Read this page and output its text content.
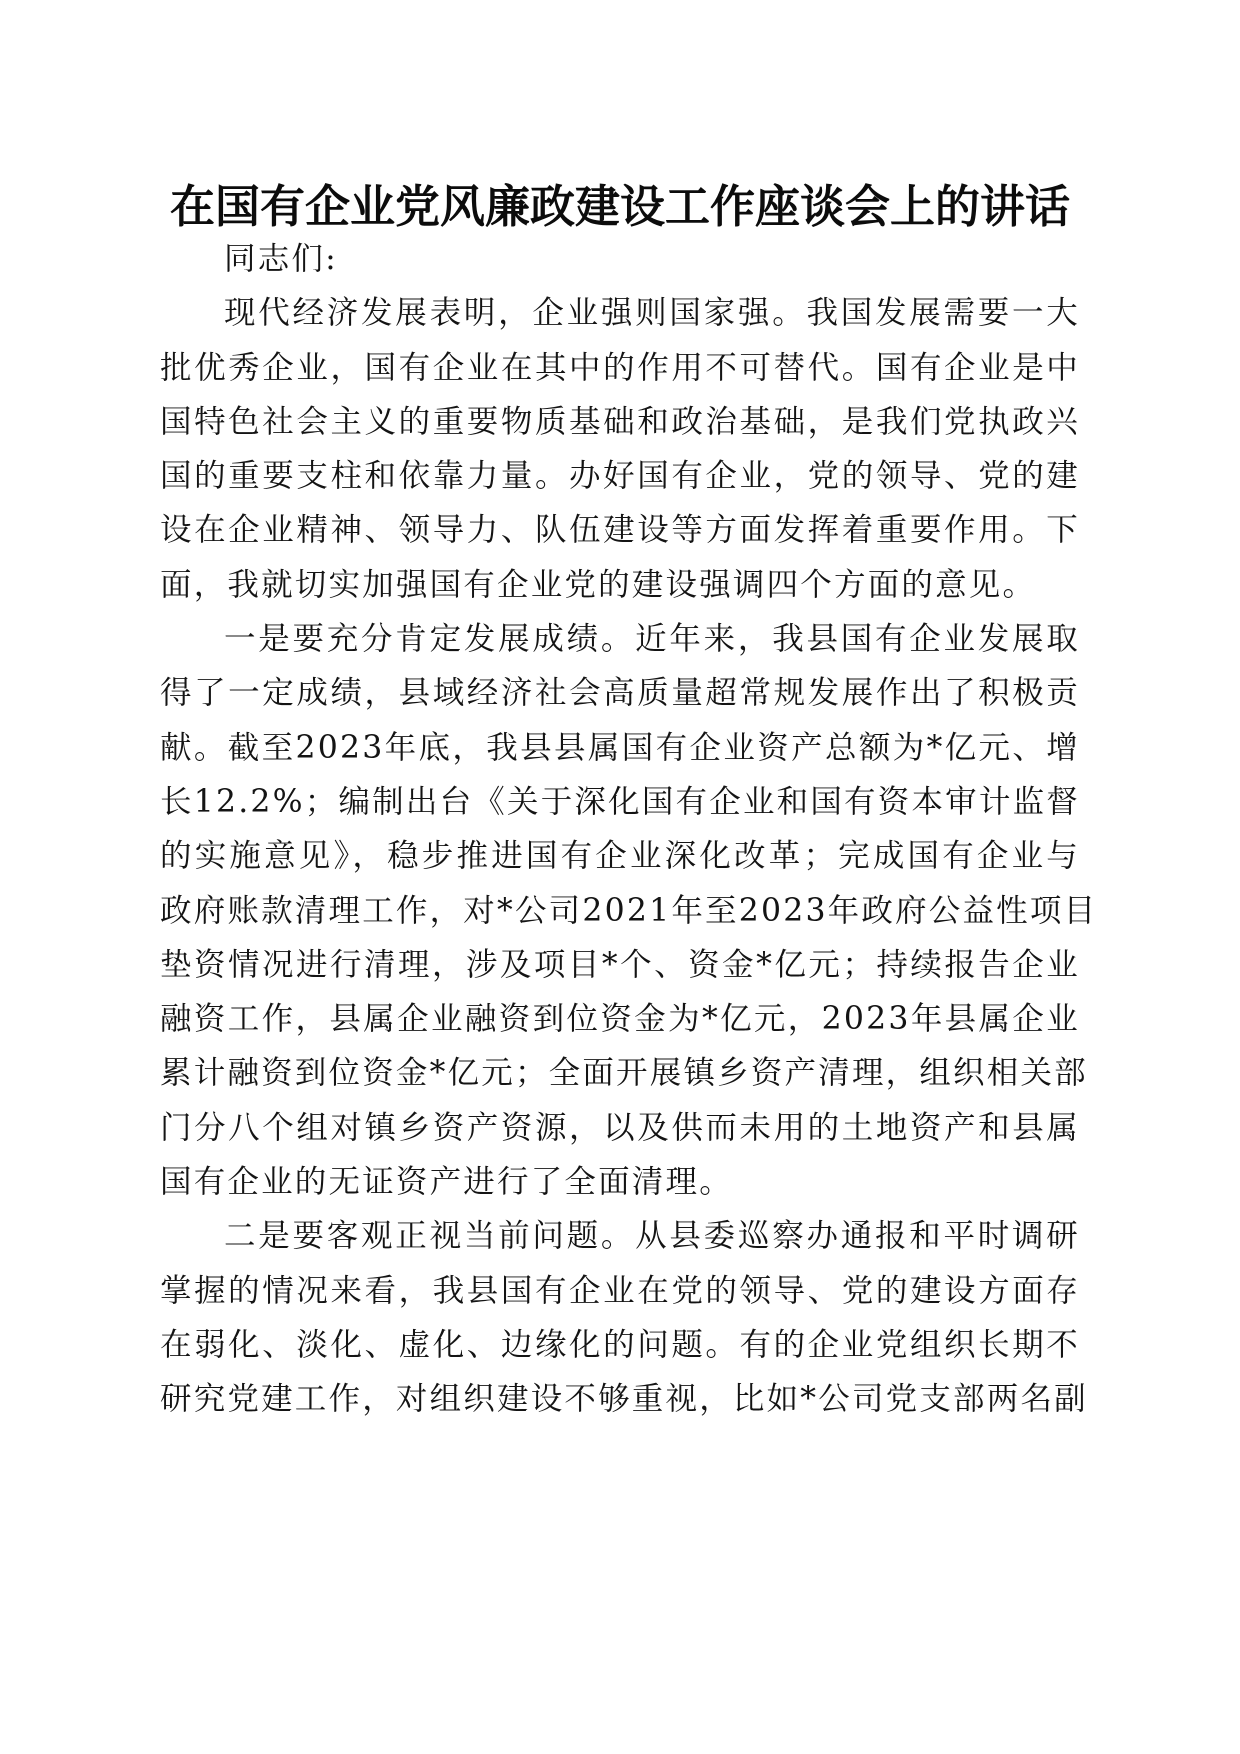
在国有企业党风廉政建设工作座谈会上的讲话
同志们:
现代经济发展表明，企业强则国家强。我国发展需要一大
批优秀企业，国有企业在其中的作用不可替代。国有企业是中
国特色社会主义的重要物质基础和政治基础，是我们党执政兴
国的重要支柱和依靠力量。办好国有企业，党的领导、党的建
设在企业精神、领导力、队伍建设等方面发挥着重要作用。下
面，我就切实加强国有企业党的建设强调四个方面的意见。
一是要充分肯定发展成绩。近年来，我县国有企业发展取
得了一定成绩，县域经济社会高质量超常规发展作出了积极贡
献。截至2023年底，我县县属国有企业资产总额为*亿元、增
长12.2%；编制出台《关于深化国有企业和国有资本审计监督
的实施意见》，稳步推进国有企业深化改革；完成国有企业与
政府账款清理工作，对*公司2021年至2023年政府公益性项目
垫资情况进行清理，涉及项目*个、资金*亿元；持续报告企业
融资工作，县属企业融资到位资金为*亿元，2023年县属企业
累计融资到位资金*亿元；全面开展镇乡资产清理，组织相关部
门分八个组对镇乡资产资源，以及供而未用的土地资产和县属
国有企业的无证资产进行了全面清理。
二是要客观正视当前问题。从县委巡察办通报和平时调研
掌握的情况来看，我县国有企业在党的领导、党的建设方面存
在弱化、淡化、虚化、边缘化的问题。有的企业党组织长期不
研究党建工作，对组织建设不够重视，比如*公司党支部两名副
